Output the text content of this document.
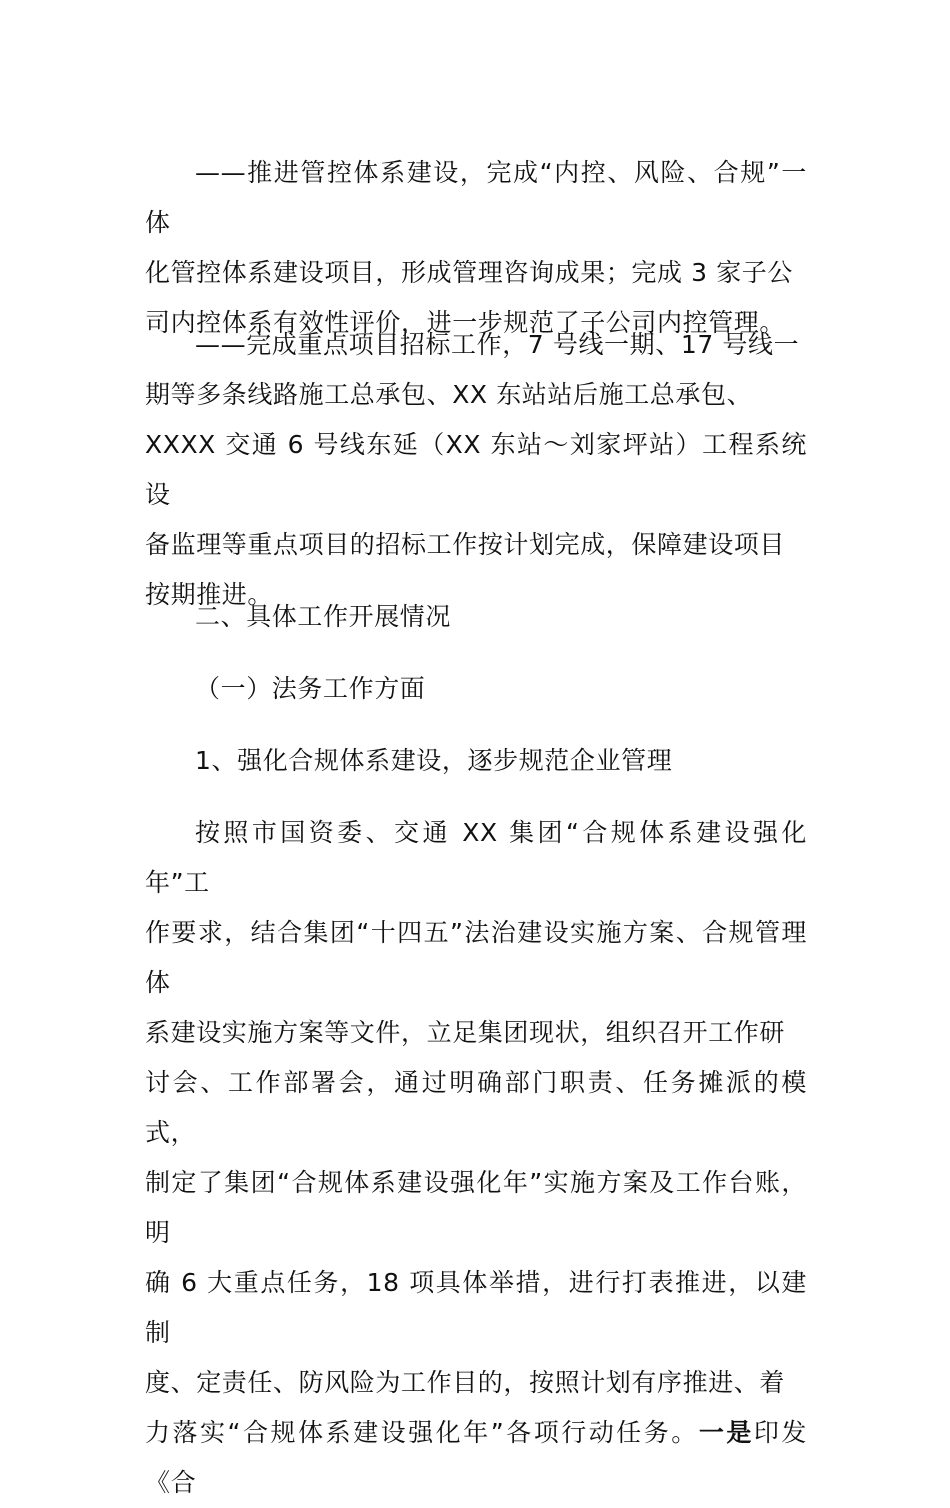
——推进管控体系建设，完成“内控、风险、合规”一体
化管控体系建设项目，形成管理咨询成果；完成 3 家子公
司内控体系有效性评价，进一步规范了子公司内控管理。

——完成重点项目招标工作，7 号线一期、17 号线一
期等多条线路施工总承包、XX 东站站后施工总承包、
XXXX 交通 6 号线东延（XX 东站～刘家坪站）工程系统设
备监理等重点项目的招标工作按计划完成，保障建设项目
按期推进。

二、具体工作开展情况

（一）法务工作方面

1、强化合规体系建设，逐步规范企业管理

按照市国资委、交通 XX 集团“合规体系建设强化年”工
作要求，结合集团“十四五”法治建设实施方案、合规管理体
系建设实施方案等文件，立足集团现状，组织召开工作研
讨会、工作部署会，通过明确部门职责、任务摊派的模式，
制定了集团“合规体系建设强化年”实施方案及工作台账，明
确 6 大重点任务，18 项具体举措，进行打表推进，以建制
度、定责任、防风险为工作目的，按照计划有序推进、着
力落实“合规体系建设强化年”各项行动任务。一是印发《合
